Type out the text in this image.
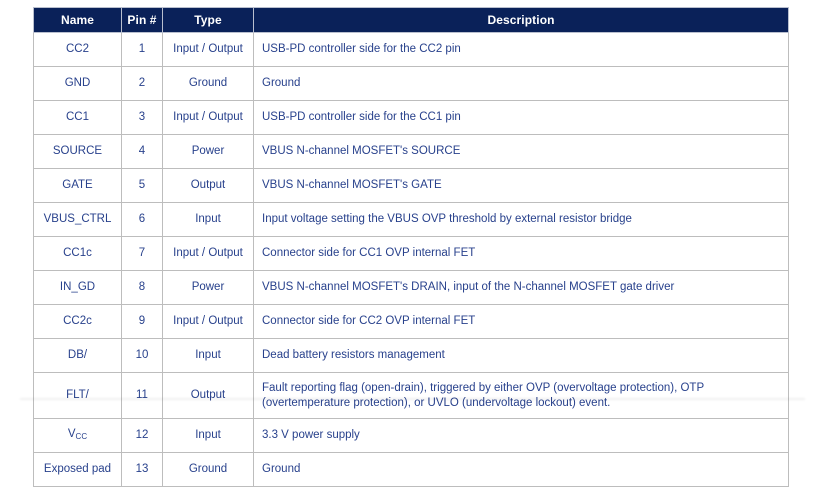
Name	Pin #	Type	Description
CC2	1	Input / Output	USB-PD controller side for the CC2 pin
GND	2	Ground	Ground
CC1	3	Input / Output	USB-PD controller side for the CC1 pin
SOURCE	4	Power	VBUS N-channel MOSFET's SOURCE
GATE	5	Output	VBUS N-channel MOSFET's GATE
VBUS_CTRL	6	Input	Input voltage setting the VBUS OVP threshold by external resistor bridge
CC1c	7	Input / Output	Connector side for CC1 OVP internal FET
IN_GD	8	Power	VBUS N-channel MOSFET's DRAIN, input of the N-channel MOSFET gate driver
CC2c	9	Input / Output	Connector side for CC2 OVP internal FET
DB/	10	Input	Dead battery resistors management
FLT/	11	Output	Fault reporting flag (open-drain), triggered by either OVP (overvoltage protection), OTP (overtemperature protection), or UVLO (undervoltage lockout) event.
$V_{CC}$	12	Input	3.3 V power supply
Exposed pad	13	Ground	Ground
